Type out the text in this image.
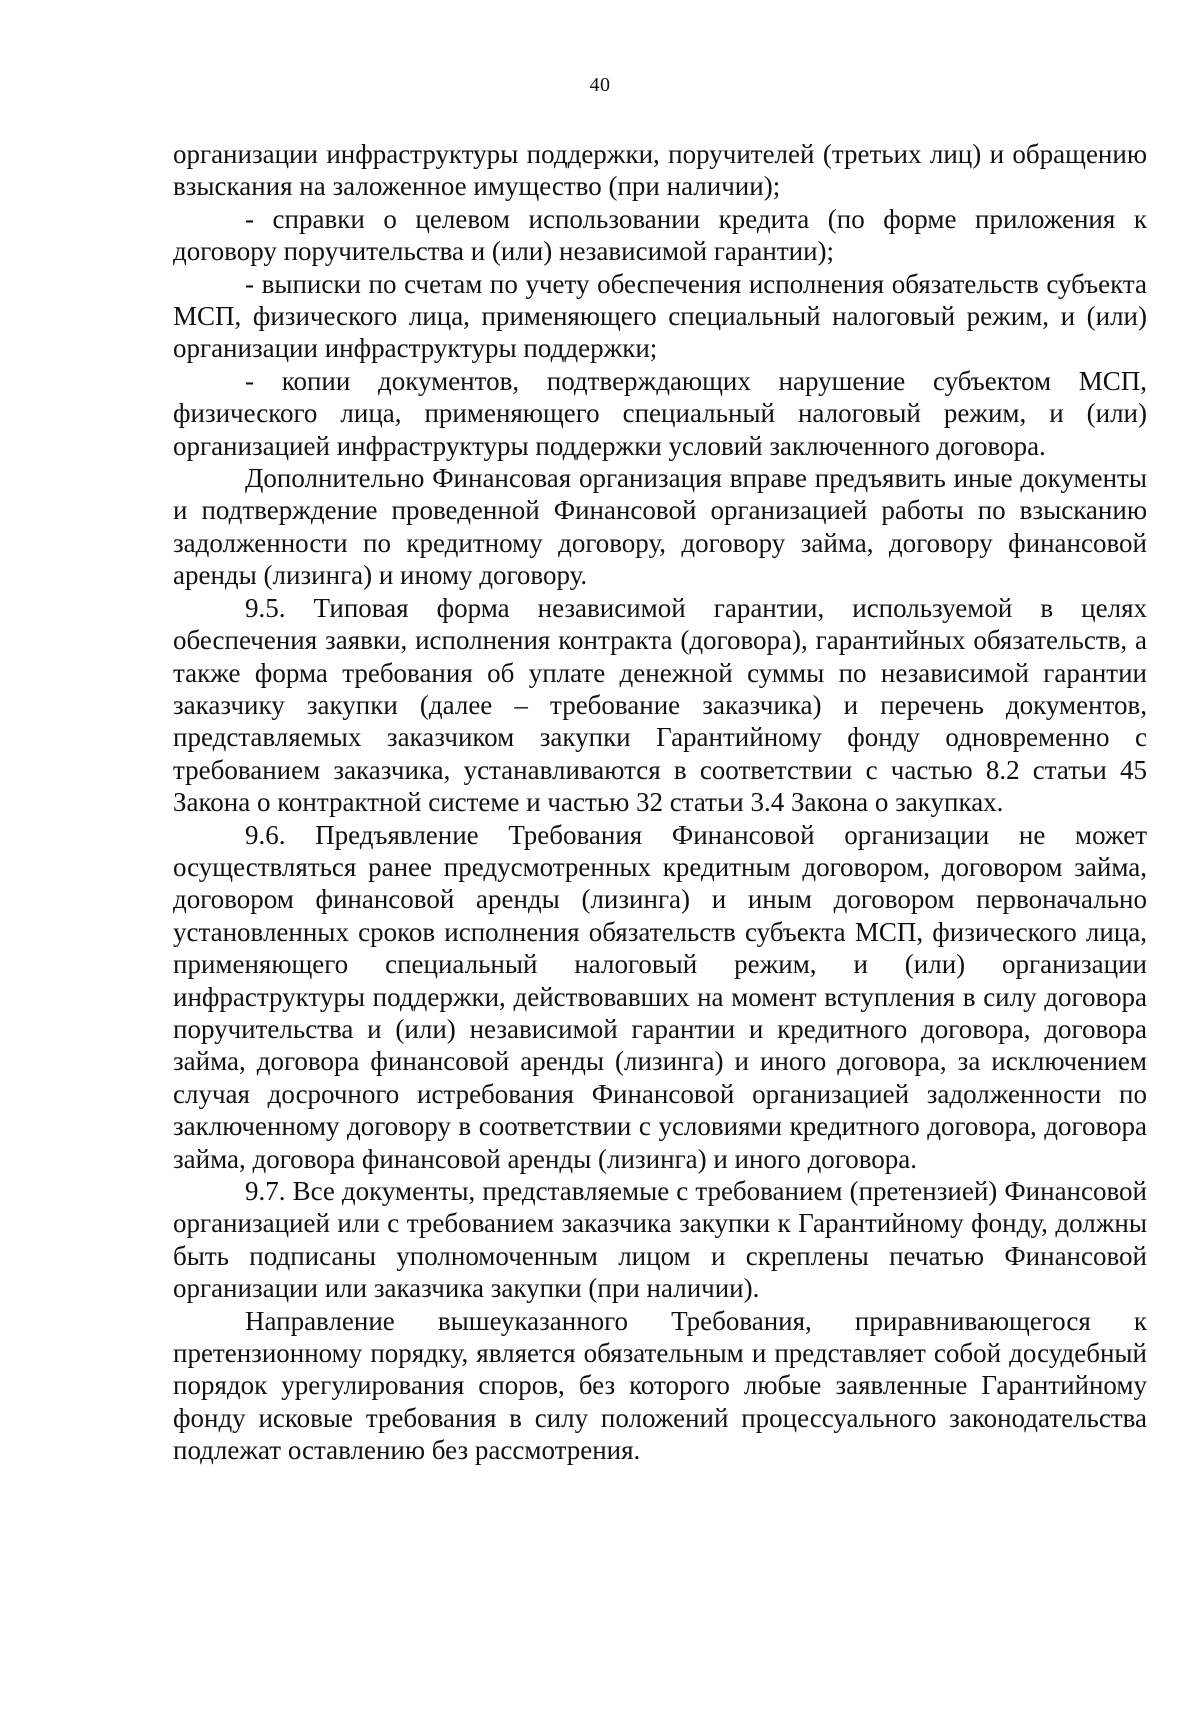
40

организации инфраструктуры поддержки, поручителей (третьих лиц) и обращению взыскания на заложенное имущество (при наличии);

- справки о целевом использовании кредита (по форме приложения к договору поручительства и (или) независимой гарантии);

- выписки по счетам по учету обеспечения исполнения обязательств субъекта МСП, физического лица, применяющего специальный налоговый режим, и (или) организации инфраструктуры поддержки;

- копии документов, подтверждающих нарушение субъектом МСП, физического лица, применяющего специальный налоговый режим, и (или) организацией инфраструктуры поддержки условий заключенного договора.

Дополнительно Финансовая организация вправе предъявить иные документы и подтверждение проведенной Финансовой организацией работы по взысканию задолженности по кредитному договору, договору займа, договору финансовой аренды (лизинга) и иному договору.

9.5. Типовая форма независимой гарантии, используемой в целях обеспечения заявки, исполнения контракта (договора), гарантийных обязательств, а также форма требования об уплате денежной суммы по независимой гарантии заказчику закупки (далее – требование заказчика) и перечень документов, представляемых заказчиком закупки Гарантийному фонду одновременно с требованием заказчика, устанавливаются в соответствии с частью 8.2 статьи 45 Закона о контрактной системе и частью 32 статьи 3.4 Закона о закупках.

9.6. Предъявление Требования Финансовой организации не может осуществляться ранее предусмотренных кредитным договором, договором займа, договором финансовой аренды (лизинга) и иным договором первоначально установленных сроков исполнения обязательств субъекта МСП, физического лица, применяющего специальный налоговый режим, и (или) организации инфраструктуры поддержки, действовавших на момент вступления в силу договора поручительства и (или) независимой гарантии и кредитного договора, договора займа, договора финансовой аренды (лизинга) и иного договора, за исключением случая досрочного истребования Финансовой организацией задолженности по заключенному договору в соответствии с условиями кредитного договора, договора займа, договора финансовой аренды (лизинга) и иного договора.

9.7. Все документы, представляемые с требованием (претензией) Финансовой организацией или с требованием заказчика закупки к Гарантийному фонду, должны быть подписаны уполномоченным лицом и скреплены печатью Финансовой организации или заказчика закупки (при наличии).

Направление вышеуказанного Требования, приравнивающегося к претензионному порядку, является обязательным и представляет собой досудебный порядок урегулирования споров, без которого любые заявленные Гарантийному фонду исковые требования в силу положений процессуального законодательства подлежат оставлению без рассмотрения.
